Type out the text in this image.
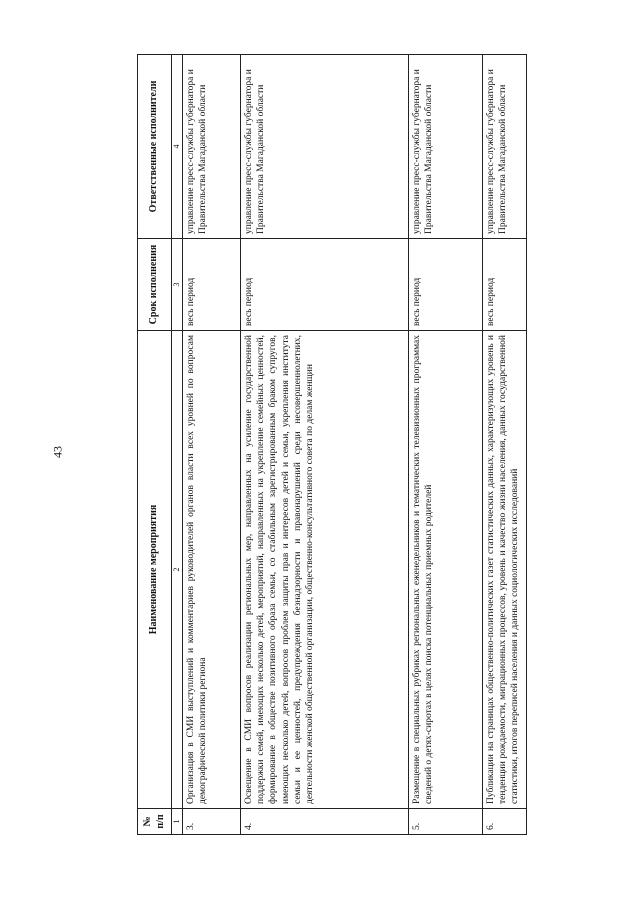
43
№ п/п	Наименование мероприятия	Срок исполнения	Ответственные исполнители
1	2	3	4
3.	Организация в СМИ выступлений и комментариев руководителей органов власти всех уровней по вопросам демографической политики региона	весь период	управление пресс-службы губернатора и Правительства Магаданской области
4.	Освещение в СМИ вопросов реализации региональных мер, направленных на усиление государственной поддержки семей, имеющих несколько детей, мероприятий, направленных на укрепление семейных ценностей, формирование в обществе позитивного образа семьи, со стабильным зарегистрированным браком супругов, имеющих несколько детей, вопросов проблем защиты прав и интересов детей и семьи, укрепления института семьи и ее ценностей, предупреждения безнадзорности и правонарушений среди несовершеннолетних, деятельности женской общественной организации, общественно-консультативного совета по делам женщин	весь период	управление пресс-службы губернатора и Правительства Магаданской области
5.	Размещение в специальных рубриках региональных еженедельников и тематических телевизионных программах сведений о детях-сиротах в целях поиска потенциальных приемных родителей	весь период	управление пресс-службы губернатора и Правительства Магаданской области
6.	Публикации на страницах общественно-политических газет статистических данных, характеризующих уровень и тенденции рождаемости, миграционных процессов, уровень и качество жизни населения, данных государственной статистики, итогов переписей населения и данных социологических исследований	весь период	управление пресс-службы губернатора и Правительства Магаданской области
